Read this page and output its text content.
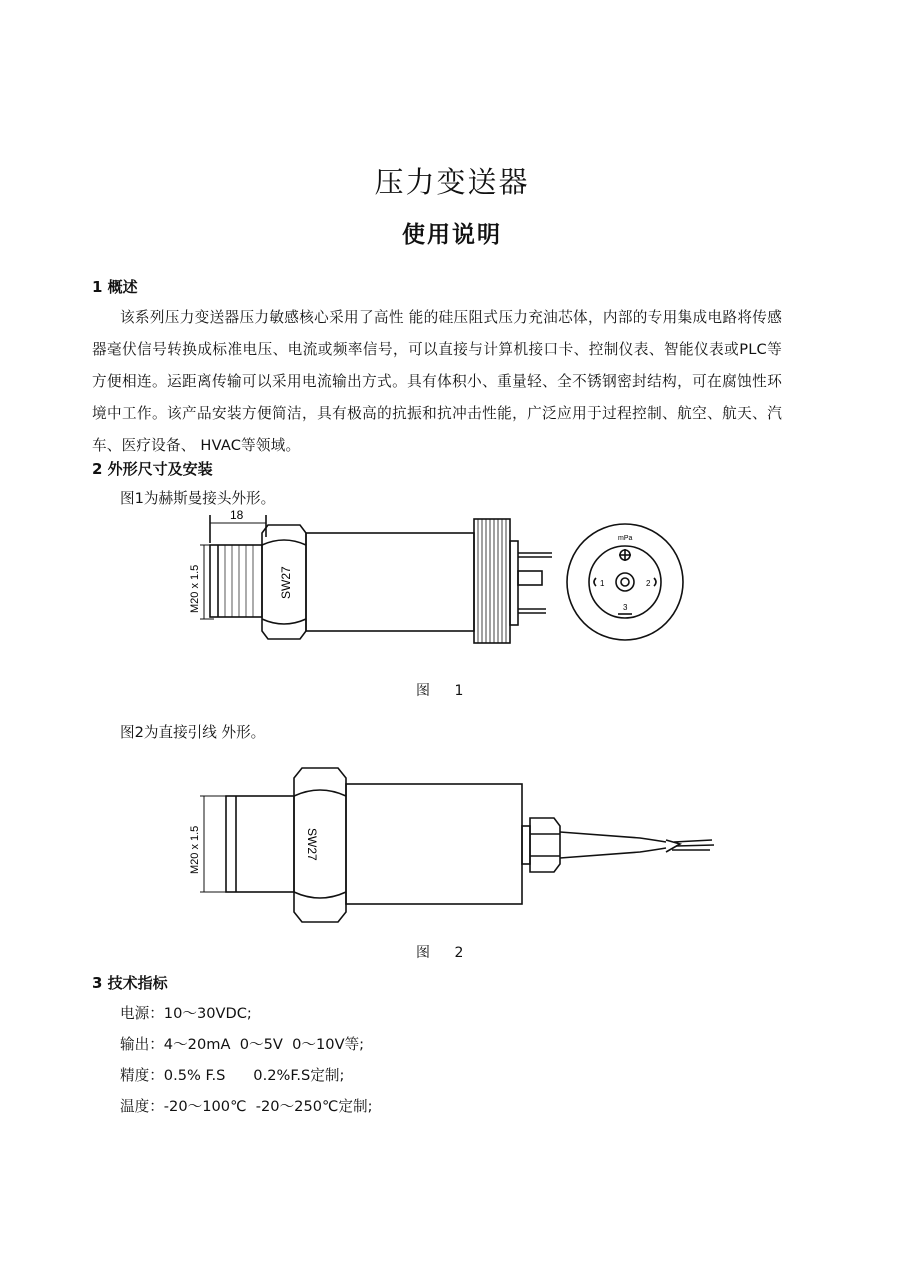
压力变送器
使用说明
1 概述
该系列压力变送器压力敏感核心采用了高性 能的硅压阻式压力充油芯体，内部的专用集成电路将传感器毫伏信号转换成标准电压、电流或频率信号，可以直接与计算机接口卡、控制仪表、智能仪表或PLC等方便相连。运距离传输可以采用电流输出方式。具有体积小、重量轻、全不锈钢密封结构，可在腐蚀性环境中工作。该产品安装方便简洁，具有极高的抗振和抗冲击性能，广泛应用于过程控制、航空、航天、汽车、医疗设备、 HVAC等领域。
2 外形尺寸及安装
图1为赫斯曼接头外形。
18
M20 x 1.5	SW27
mPa
1	2
3
图 1
图2为直接引线 外形。
M20 x 1.5	SW27
图 2
3 技术指标
电源：10～30VDC;
输出：4～20mA  0～5V  0～10V等;
精度：0.5% F.S      0.2%F.S定制;
温度：-20～100℃  -20～250℃定制;
